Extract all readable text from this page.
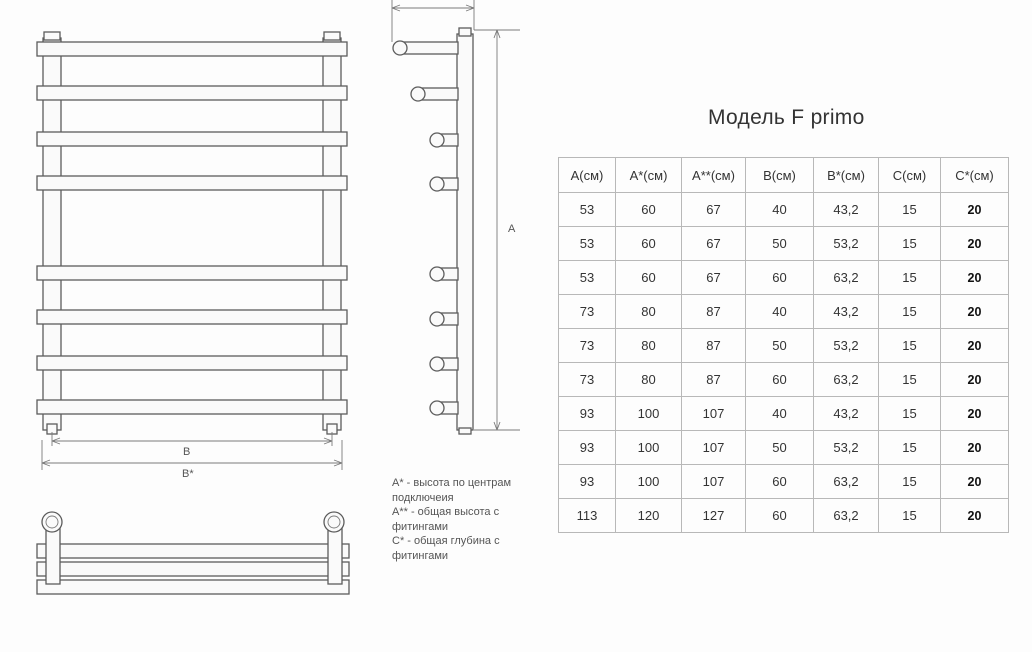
B
B*
A
A* - высота по центрам подключеия
A** - общая высота с фитингами
C* - общая глубина с фитингами
Модель F primo
A(см)	A*(см)	A**(см)	B(см)	B*(см)	C(см)	C*(см)
53	60	67	40	43,2	15	20
53	60	67	50	53,2	15	20
53	60	67	60	63,2	15	20
73	80	87	40	43,2	15	20
73	80	87	50	53,2	15	20
73	80	87	60	63,2	15	20
93	100	107	40	43,2	15	20
93	100	107	50	53,2	15	20
93	100	107	60	63,2	15	20
113	120	127	60	63,2	15	20
